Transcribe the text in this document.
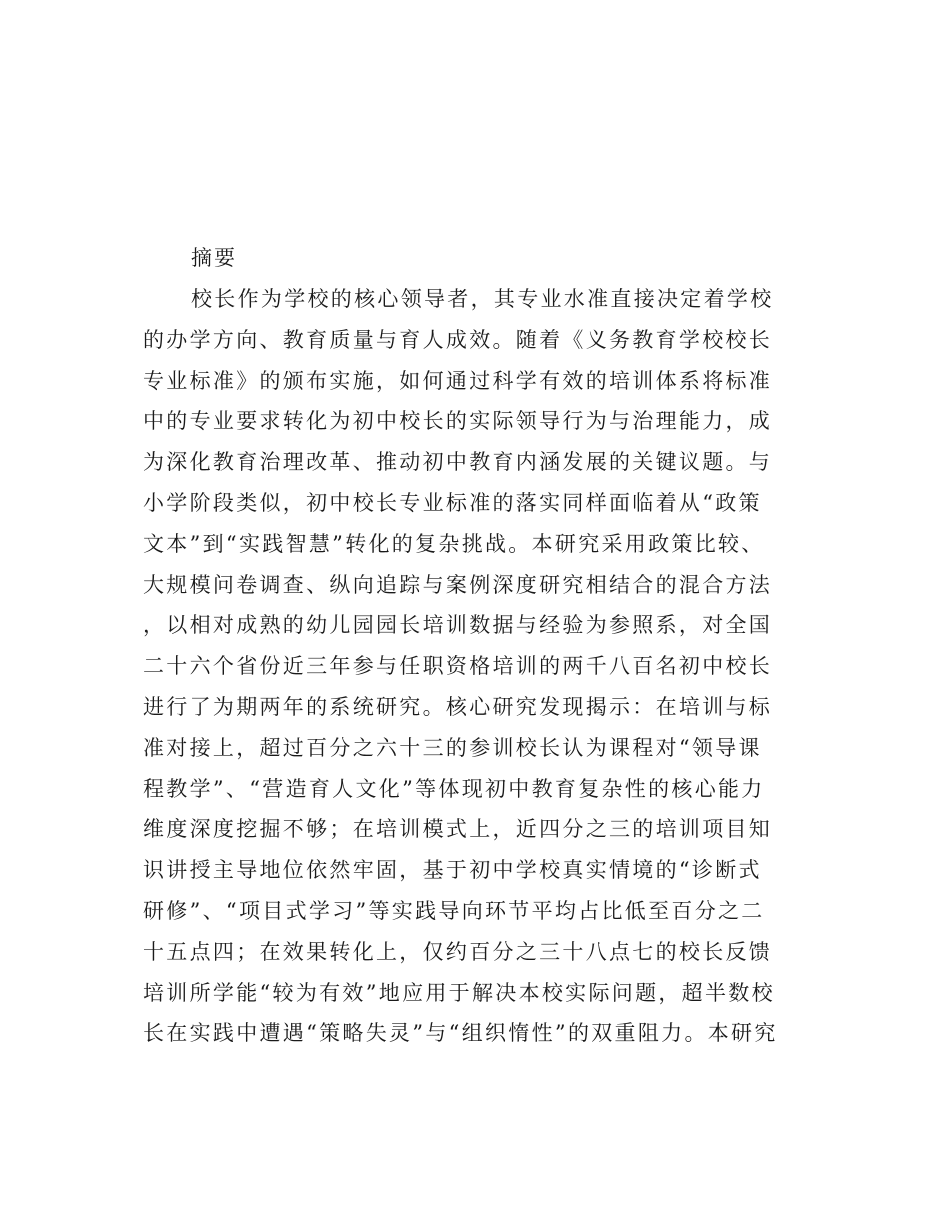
摘要
校长作为学校的核心领导者，其专业水准直接决定着学校
的办学方向、教育质量与育人成效。随着《义务教育学校校长
专业标准》的颁布实施，如何通过科学有效的培训体系将标准
中的专业要求转化为初中校长的实际领导行为与治理能力，成
为深化教育治理改革、推动初中教育内涵发展的关键议题。与
小学阶段类似，初中校长专业标准的落实同样面临着从“政策
文本”到“实践智慧”转化的复杂挑战。本研究采用政策比较、
大规模问卷调查、纵向追踪与案例深度研究相结合的混合方法
，以相对成熟的幼儿园园长培训数据与经验为参照系，对全国
二十六个省份近三年参与任职资格培训的两千八百名初中校长
进行了为期两年的系统研究。核心研究发现揭示：在培训与标
准对接上，超过百分之六十三的参训校长认为课程对“领导课
程教学”、“营造育人文化”等体现初中教育复杂性的核心能力
维度深度挖掘不够；在培训模式上，近四分之三的培训项目知
识讲授主导地位依然牢固，基于初中学校真实情境的“诊断式
研修”、“项目式学习”等实践导向环节平均占比低至百分之二
十五点四；在效果转化上，仅约百分之三十八点七的校长反馈
培训所学能“较为有效”地应用于解决本校实际问题，超半数校
长在实践中遭遇“策略失灵”与“组织惰性”的双重阻力。本研究
